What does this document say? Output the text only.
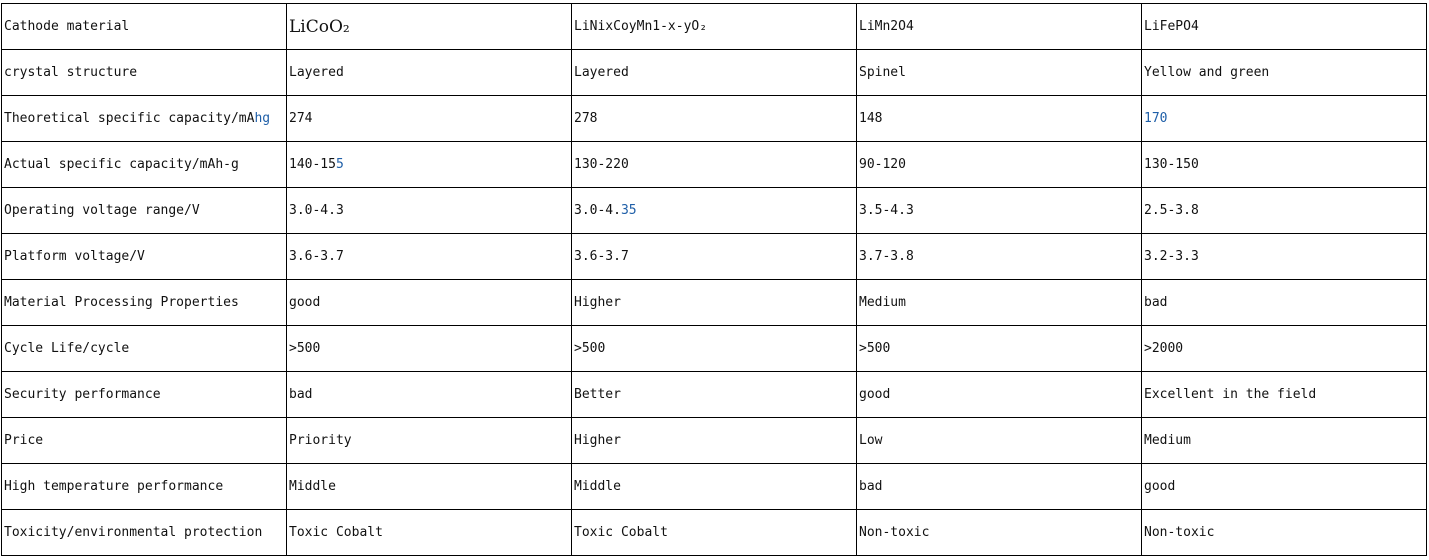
Cathode material	LiCoO₂	LiNixCoyMn1-x-yO₂	LiMn2O4	LiFePO4
crystal structure	Layered	Layered	Spinel	Yellow and green
Theoretical specific capacity/mAhg	274	278	148	170
Actual specific capacity/mAh-g	140-155	130-220	90-120	130-150
Operating voltage range/V	3.0-4.3	3.0-4.35	3.5-4.3	2.5-3.8
Platform voltage/V	3.6-3.7	3.6-3.7	3.7-3.8	3.2-3.3
Material Processing Properties	good	Higher	Medium	bad
Cycle Life/cycle	>500	>500	>500	>2000
Security performance	bad	Better	good	Excellent in the field
Price	Priority	Higher	Low	Medium
High temperature performance	Middle	Middle	bad	good
Toxicity/environmental protection	Toxic Cobalt	Toxic Cobalt	Non-toxic	Non-toxic
